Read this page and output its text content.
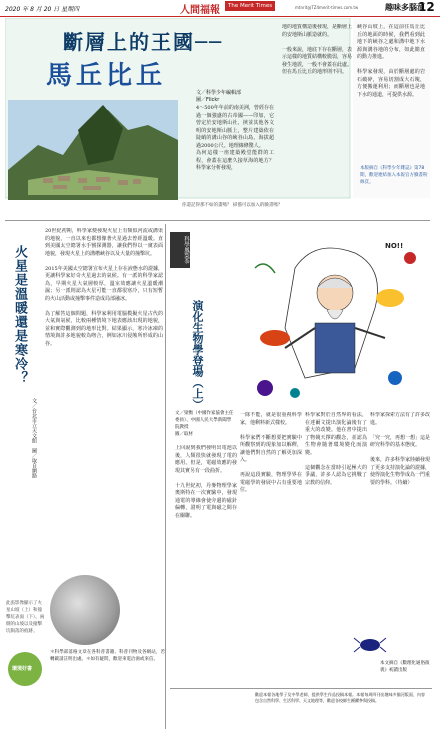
2020 年 8 月 20 日 星期四	人間福報	The Merit Times	mtnrit@TZ4merit-times.com.tw	趣味多腦河
12
斷層上的王國──
馬丘比丘
文／科學少年編輯部
圖／Flickr
4～500年年前的南美洲，曾經存在過一個強盛的古帝國——印加，它曾定於安地斯山社，挾並其他各文明的安地斯山脈上，整片建築依在陡峭的溝山谷的峽谷山島，海拔超過2000公尺。地理線條驚人。
為何這樣一座建築殿堂能群的工程，會蓋在這麼久接草海的地方？科學家分析發現，
地的地質構造後發現，是斷層上的安地斯山脈造就的。

一般來說，地底下存在斷層，表示這樣的地質結構較脆弱，容易發生地震，一般不會蓋在此處。但在馬丘比丘的地形則不同。
峽谷山坡上，在這前往馬丘比丘的地面的時候，我們看到此地下的峽谷之處和溝中地下水源與溝谷地的分布，如此簡直的動力推進。

科學家發現，由於斷層處的岩石破碎，容易切割成大石塊，方便搬運利用；而斷層也是地下水的通道，可提供水源。
本版摘自《科學少年雜誌》第78期，歡迎連結加入本報官方臉書粉絲頁。
你還記得那不如的畫嗎？ 掃描可以加入的臉書嗎？
火星是溫暖還是寒冷？
文／台北市立天文館　圖／取自網路
20世紀初期，科學家便發現火星上有類似河流或溝渠的地貌，一直以來也都想像著火星過去曾經溫暖。直到美國太空總署水手號探測器，讓我們得以一窺表面地貌，發現火星上的溝槽峽谷以及大量的撞擊坑。

2015年美國太空總署宣布火星上存在液態水的證據，更讓科學家好奇火星過去的氣候。有一派的科學家認為，早期火星大氣層較厚，溫室效應讓火星溫暖潮濕；另一派則認為火星可能一直都很寒冷，只有短暫的火山活動或撞擊事件造成局部融冰。

為了解答這個問題，科學家利用電腦模擬火星古代的大氣與氣候，比較兩種情境下地表應該出現的地貌，並和實際觀測到的地形比對。結果顯示，寒冷冰凍的情境與許多地貌較為吻合，例如冰川侵蝕所形成的山谷。
此張影像顯示了火星山坡（上）和撞擊坑表面（下）。兩側的山坡以及撞擊坑隕落的痕跡。
環境好書
＊科學部落格文章在各科普書籍、科普刊物及各網站，若轉載請註明出處。＊如有疑問，歡迎來電洽詢或來信。
科學鳳梨茶
演化生物學登場（上）
NO!!
文／梁衡（中國作家協會主任委員）、中國人民大學新聞學院教授
圖／取材
上回說到我們發明出電池以後，人類很快就發現了電的應用。但是，電磁效應的發現其實另有一段曲折。

十九世紀初，丹麥物理學家奧斯特在一次實驗中，發現通電的導線會使旁邊的磁針偏轉，證明了電與磁之間存在關聯。
一隊不能，就是很重視科學家，他剩料新式樣校。

科學家們不斷想要把實驗中所觀察到的現象加以解釋，讓他們對自然的了解更加深入。

再說這段實驗，物理學界在電磁學的發展中占有重要地位。
科學家對於自然界的看法，在達爾文提出演化論後有了重大的改變。他在書中提出了物競天擇的觀念，並認為生物會隨著環境變化而演變。

這個觀念在當時引起極大的爭議，許多人認為它挑戰了宗教的信仰。
科學家探索方法有了許多改進。

「究一究，再想一想」這是研究科學的基本態度。

後來，許多科學家陸續發現了更多支持演化論的證據，使得演化生物學成為一門重要的學科。（待續）
本文摘自《數理化通俗演義》初讀出版
歡迎本報各地學子及中學老師，提供學生作品投稿本報。本報每周四刊出趣味多腦河版面，內容包含自然科學、生活科學、天文地理等，歡迎各校師生踴躍參與投稿。
